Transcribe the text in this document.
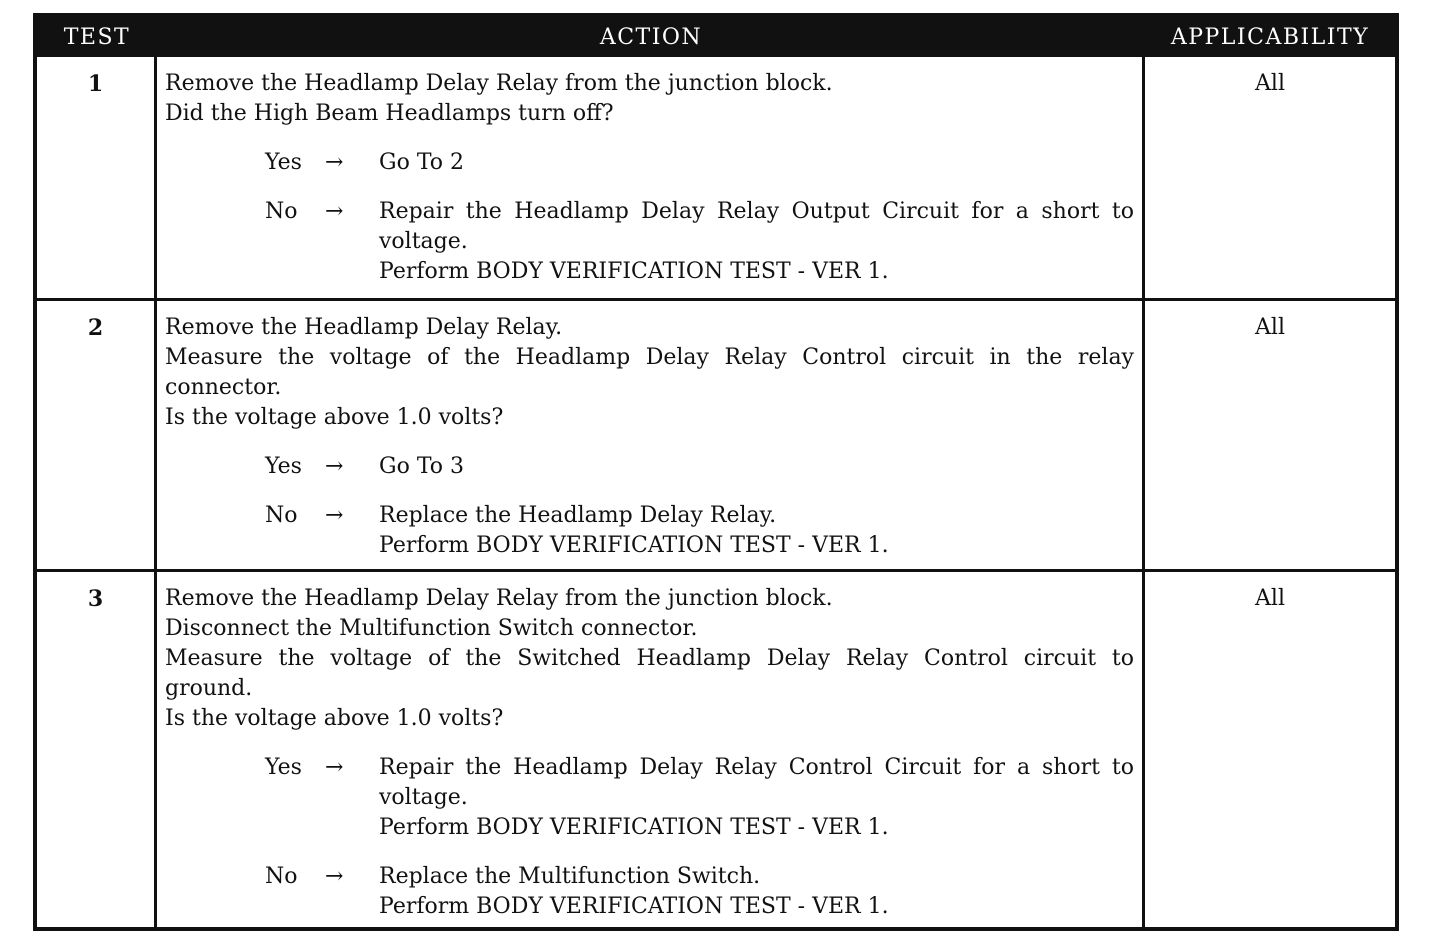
TEST	ACTION	APPLICABILITY
1	Remove the Headlamp Delay Relay from the junction block.
Did the High Beam Headlamps turn off?
Yes	→	Go To 2
No	→	Repair the Headlamp Delay Relay Output Circuit for a short to
voltage.
Perform BODY VERIFICATION TEST - VER 1.
All
2	Remove the Headlamp Delay Relay.
Measure the voltage of the Headlamp Delay Relay Control circuit in the relay
connector.
Is the voltage above 1.0 volts?
Yes	→	Go To 3
No	→	Replace the Headlamp Delay Relay.
Perform BODY VERIFICATION TEST - VER 1.
All
3	Remove the Headlamp Delay Relay from the junction block.
Disconnect the Multifunction Switch connector.
Measure the voltage of the Switched Headlamp Delay Relay Control circuit to
ground.
Is the voltage above 1.0 volts?
Yes	→	Repair the Headlamp Delay Relay Control Circuit for a short to
voltage.
Perform BODY VERIFICATION TEST - VER 1.
No	→	Replace the Multifunction Switch.
Perform BODY VERIFICATION TEST - VER 1.
All
